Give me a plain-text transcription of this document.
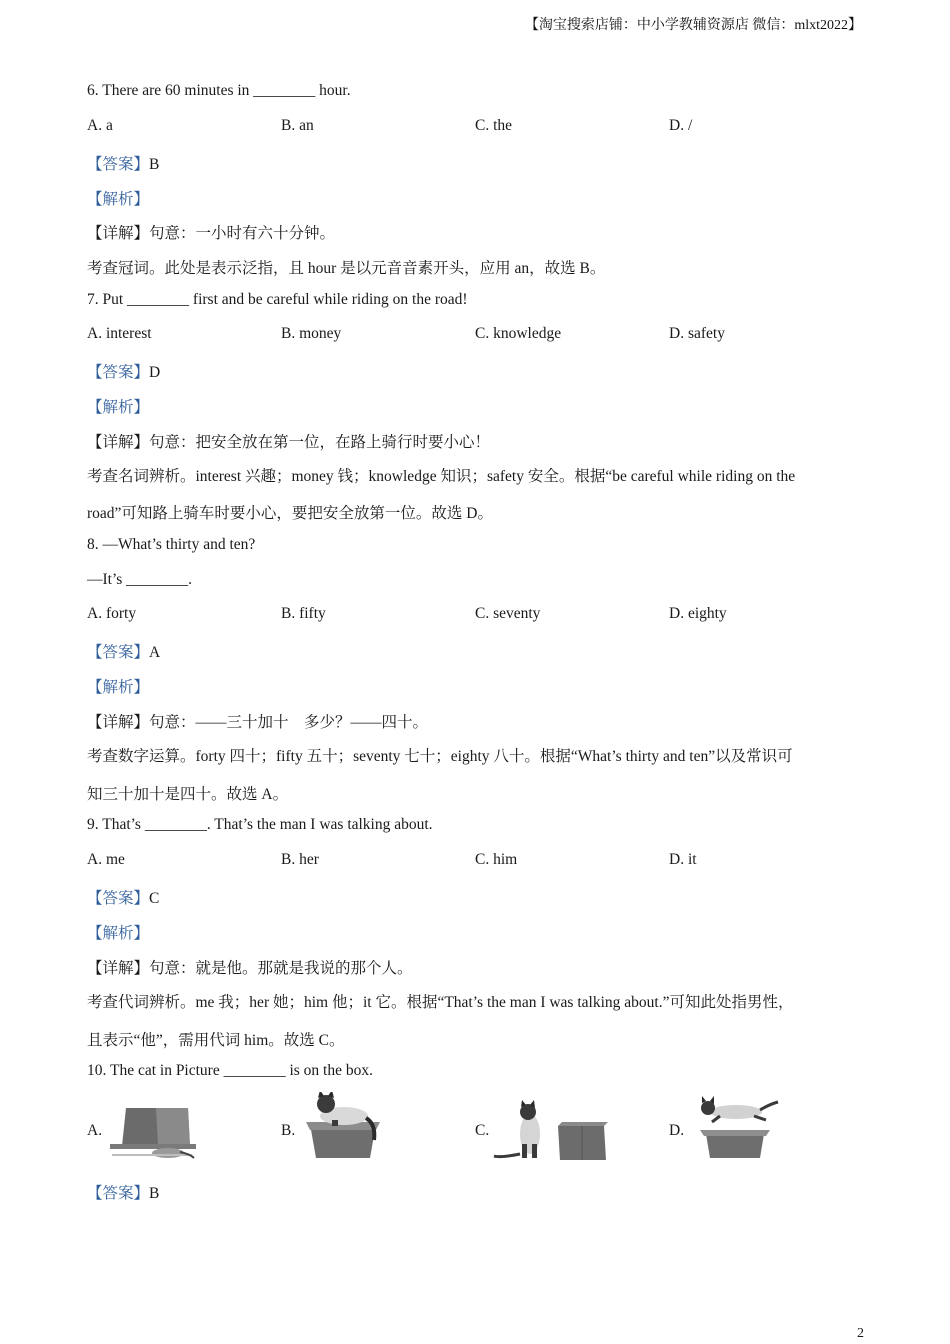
【淘宝搜索店铺：中小学教辅资源店 微信：mlxt2022】
6. There are 60 minutes in ________ hour.
A. a	B. an	C. the	D. /
【答案】B
【解析】
【详解】句意：一小时有六十分钟。
考查冠词。此处是表示泛指，且 hour 是以元音音素开头，应用 an，故选 B。
7. Put ________ first and be careful while riding on the road!
A. interest	B. money	C. knowledge	D. safety
【答案】D
【解析】
【详解】句意：把安全放在第一位，在路上骑行时要小心！
考查名词辨析。interest 兴趣；money 钱；knowledge 知识；safety 安全。根据“be careful while riding on the
road”可知路上骑车时要小心，要把安全放第一位。故选 D。
8. —What’s thirty and ten?
—It’s ________.
A. forty	B. fifty	C. seventy	D. eighty
【答案】A
【解析】
【详解】句意：——三十加十　多少？——四十。
考查数字运算。forty 四十；fifty 五十；seventy 七十；eighty 八十。根据“What’s thirty and ten”以及常识可
知三十加十是四十。故选 A。
9. That’s ________. That’s the man I was talking about.
A. me	B. her	C. him	D. it
【答案】C
【解析】
【详解】句意：就是他。那就是我说的那个人。
考查代词辨析。me 我；her 她；him 他；it 它。根据“That’s the man I was talking about.”可知此处指男性，
且表示“他”，需用代词 him。故选 C。
10. The cat in Picture ________ is on the box.
A.	B.	C.	D.
【答案】B
2
